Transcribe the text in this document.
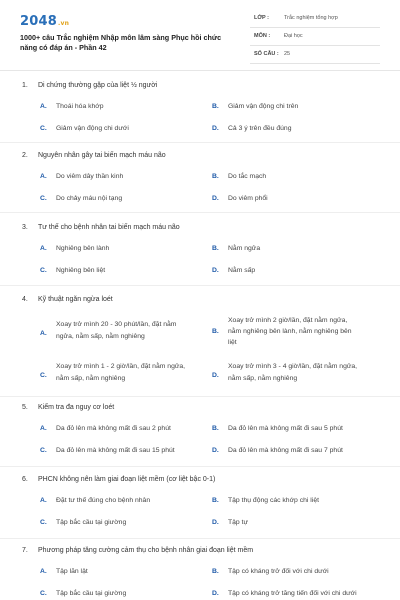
2048.vn
1000+ câu Trắc nghiệm Nhập môn lâm sàng Phục hồi chức năng có đáp án - Phần 42
LỚP :	Trắc nghiệm tổng hợp
MÔN :	Đại học
SỐ CÂU : 25
1. Di chứng thường gặp của liệt ½ người
A. Thoái hóa khớp	B. Giảm vận động chi trên
C. Giảm vận động chi dưới	D. Cả 3 ý trên đều đúng
2. Nguyên nhân gây tai biến mạch máu não
A. Do viêm dây thần kinh	B. Do tắc mạch
C. Do chảy máu nội tạng	D. Do viêm phổi
3. Tư thế cho bệnh nhân tai biến mạch máu não
A. Nghiêng bên lành	B. Nằm ngửa
C. Nghiêng bên liệt	D. Nằm sấp
4. Kỹ thuật ngăn ngừa loét
A.
Xoay trở mình 20 - 30 phút/lần, đặt nằm
ngửa, nằm sấp, nằm nghiêng
B.
Xoay trở mình 2 giờ/lần, đặt nằm ngửa,
nằm nghiêng bên lành, nằm nghiêng bên
liệt
C.
Xoay trở mình 1 - 2 giờ/lần, đặt nằm ngửa,
nằm sấp, nằm nghiêng	D.
Xoay trở mình 3 - 4 giờ/lần, đặt nằm ngửa,
nằm sấp, nằm nghiêng
5. Kiểm tra đa nguy cơ loét
A. Da đỏ lên mà không mất đi sau 2 phút	B. Da đỏ lên mà không mất đi sau 5 phút
C. Da đỏ lên mà không mất đi sau 15 phút	D. Da đỏ lên mà không mất đi sau 7 phút
6. PHCN không nên làm giai đoạn liệt mềm (cơ liệt bậc 0-1)
A. Đặt tư thế đúng cho bệnh nhân	B. Tập thụ động các khớp chi liệt
C. Tập bắc cầu tại giường	D. Tập tự
7. Phương pháp tăng cường cảm thụ cho bệnh nhân giai đoạn liệt mềm
A. Tập lăn lật	B. Tập có kháng trở đối với chi dưới
C. Tập bắc cầu tại giường	D. Tập có kháng trở tăng tiến đối với chi dưới
